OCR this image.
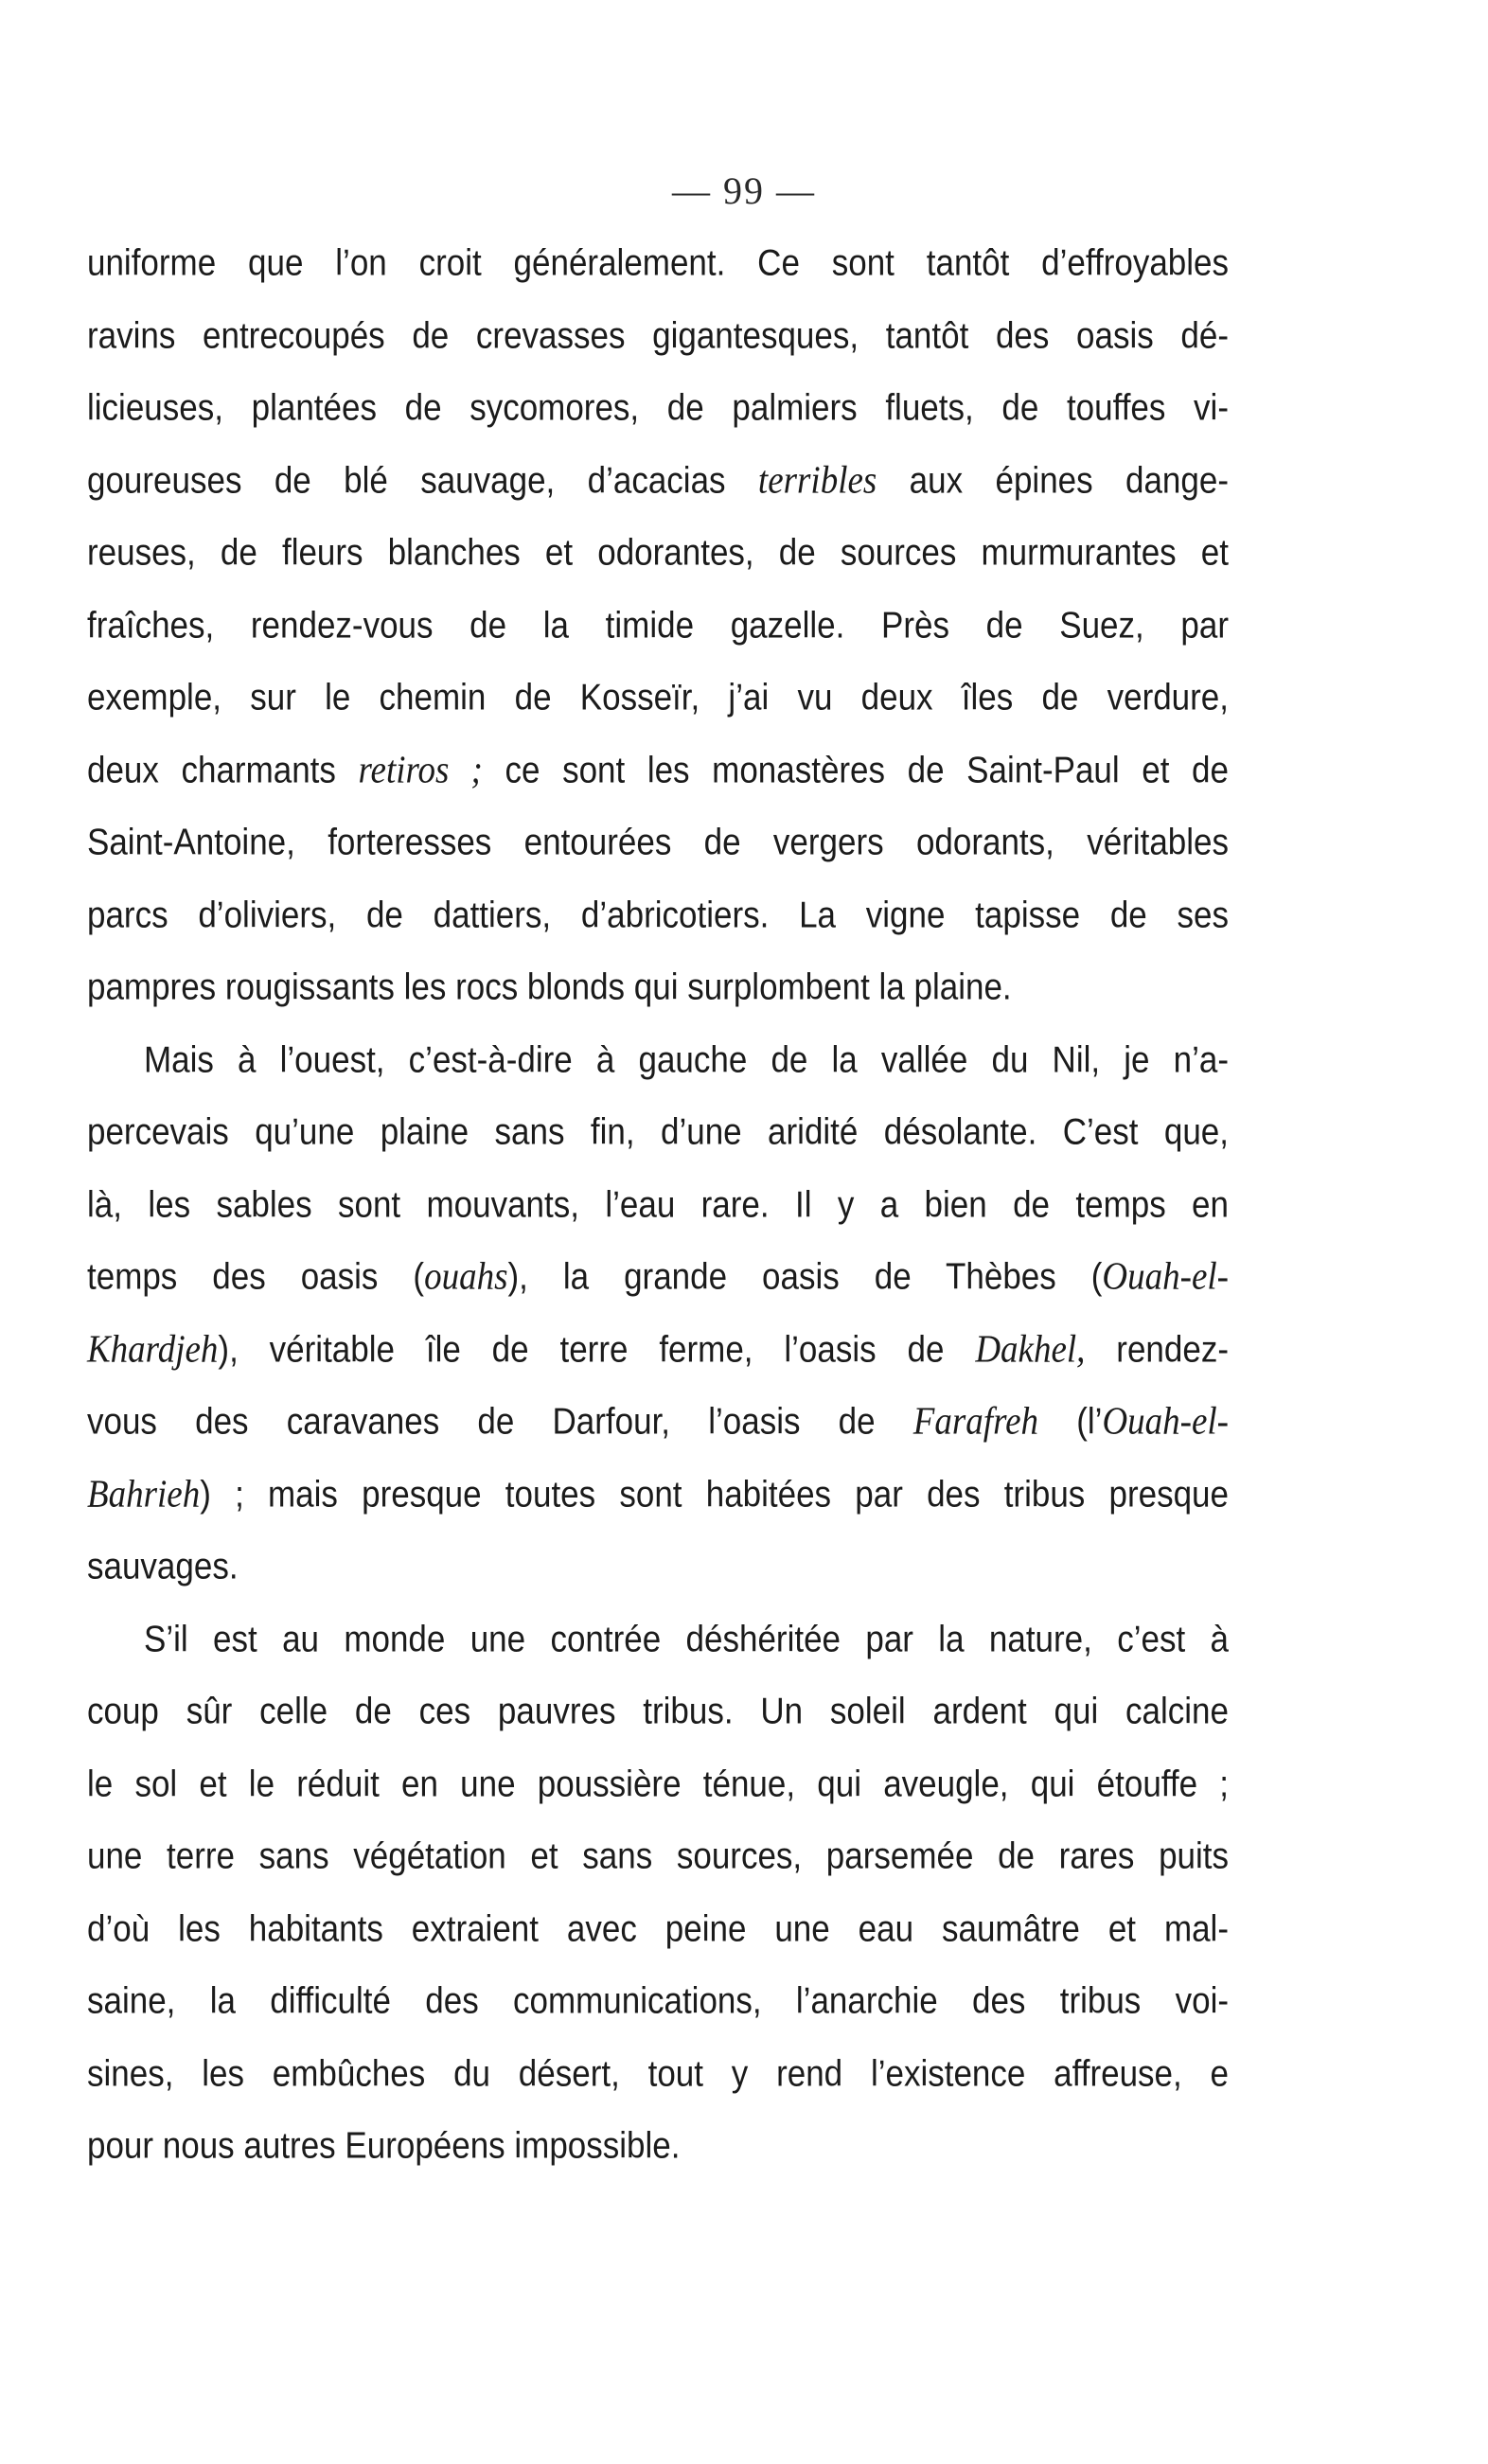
— 99 —
uniforme que l’on croit généralement. Ce sont tantôt d’effroyables
ravins entrecoupés de crevasses gigantesques, tantôt des oasis dé-
licieuses, plantées de sycomores, de palmiers fluets, de touffes vi-
goureuses de blé sauvage, d’acacias terribles aux épines dange-
reuses, de fleurs blanches et odorantes, de sources murmurantes et
fraîches, rendez-vous de la timide gazelle. Près de Suez, par
exemple, sur le chemin de Kosseïr, j’ai vu deux îles de verdure,
deux charmants retiros ; ce sont les monastères de Saint-Paul et de
Saint-Antoine, forteresses entourées de vergers odorants, véritables
parcs d’oliviers, de dattiers, d’abricotiers. La vigne tapisse de ses
pampres rougissants les rocs blonds qui surplombent la plaine.
Mais à l’ouest, c’est-à-dire à gauche de la vallée du Nil, je n’a-
percevais qu’une plaine sans fin, d’une aridité désolante. C’est que,
là, les sables sont mouvants, l’eau rare. Il y a bien de temps en
temps des oasis (ouahs), la grande oasis de Thèbes (Ouah-el-
Khardjeh), véritable île de terre ferme, l’oasis de Dakhel, rendez-
vous des caravanes de Darfour, l’oasis de Farafreh (l’Ouah-el-
Bahrieh) ; mais presque toutes sont habitées par des tribus presque
sauvages.
S’il est au monde une contrée déshéritée par la nature, c’est à
coup sûr celle de ces pauvres tribus. Un soleil ardent qui calcine
le sol et le réduit en une poussière ténue, qui aveugle, qui étouffe ;
une terre sans végétation et sans sources, parsemée de rares puits
d’où les habitants extraient avec peine une eau saumâtre et mal-
saine, la difficulté des communications, l’anarchie des tribus voi-
sines, les embûches du désert, tout y rend l’existence affreuse, e
pour nous autres Européens impossible.
